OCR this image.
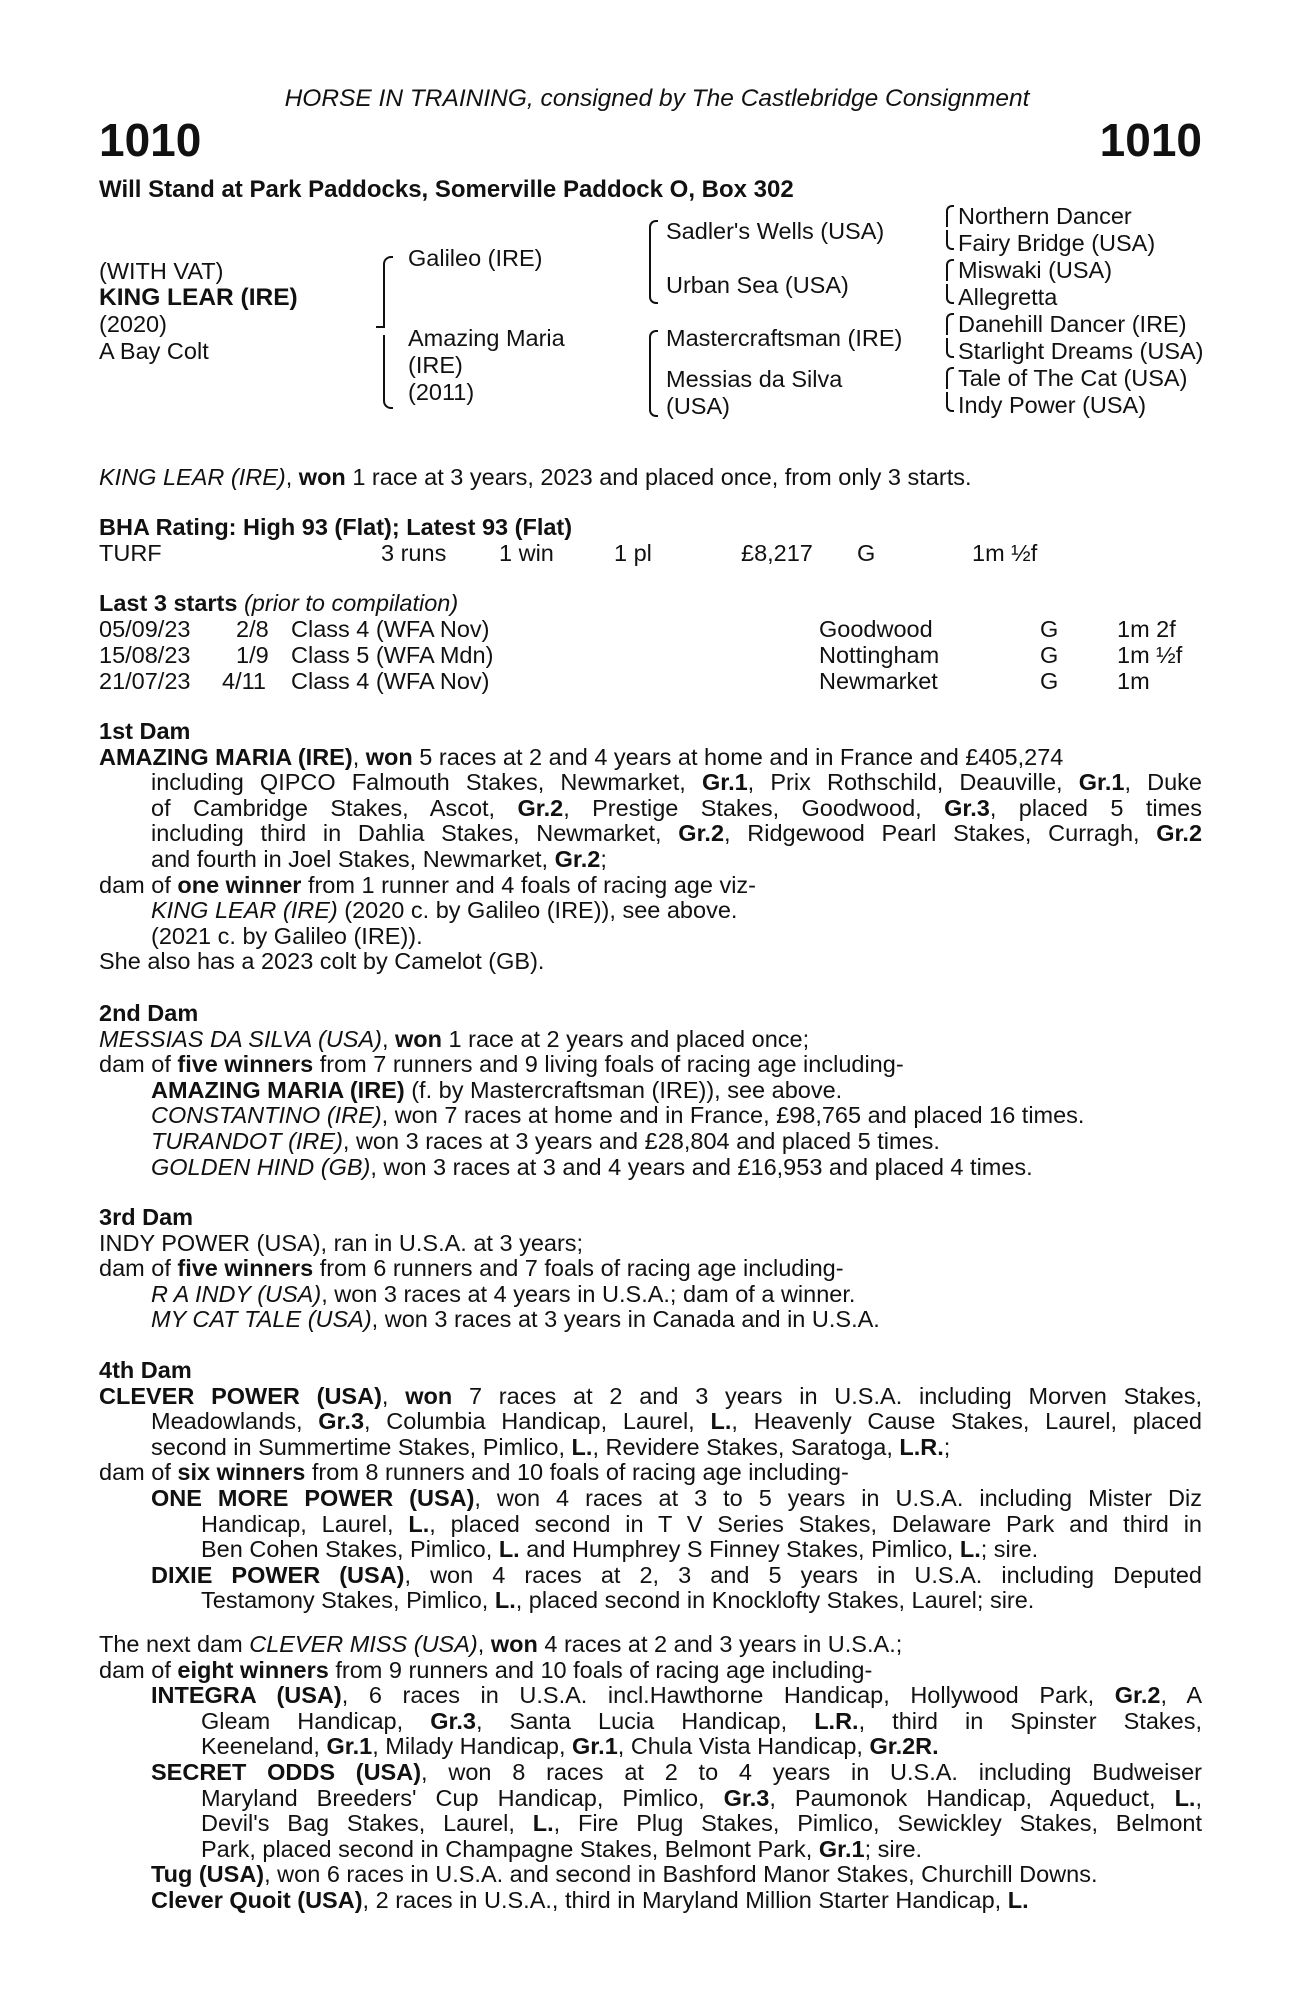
HORSE IN TRAINING, consigned by The Castlebridge Consignment
1010	1010
Will Stand at Park Paddocks, Somerville Paddock O, Box 302
(WITH VAT)
KING LEAR (IRE)
(2020)
A Bay Colt
Galileo (IRE)
Amazing Maria
(IRE)
(2011)
Sadler's Wells (USA)
Urban Sea (USA)
Mastercraftsman (IRE)
Messias da Silva
(USA)
Northern Dancer
Fairy Bridge (USA)
Miswaki (USA)
Allegretta
Danehill Dancer (IRE)
Starlight Dreams (USA)
Tale of The Cat (USA)
Indy Power (USA)
KING LEAR (IRE), won 1 race at 3 years, 2023 and placed once, from only 3 starts.
BHA Rating: High 93 (Flat); Latest 93 (Flat)
TURF	3 runs 1 win	1 pl	£8,217 G	1m ½f
Last 3 starts (prior to compilation)
05/09/23 2/8 Class 4 (WFA Nov)	Goodwood	G 1m 2f
15/08/23 1/9 Class 5 (WFA Mdn)	Nottingham	G 1m ½f
21/07/23 4/11 Class 4 (WFA Nov)	Newmarket	G 1m
1st Dam
AMAZING MARIA (IRE), won 5 races at 2 and 4 years at home and in France and £405,274
including QIPCO Falmouth Stakes, Newmarket, Gr.1, Prix Rothschild, Deauville, Gr.1, Duke
of Cambridge Stakes, Ascot, Gr.2, Prestige Stakes, Goodwood, Gr.3, placed 5 times
including third in Dahlia Stakes, Newmarket, Gr.2, Ridgewood Pearl Stakes, Curragh, Gr.2
and fourth in Joel Stakes, Newmarket, Gr.2;
dam of one winner from 1 runner and 4 foals of racing age viz-
KING LEAR (IRE) (2020 c. by Galileo (IRE)), see above.
(2021 c. by Galileo (IRE)).
She also has a 2023 colt by Camelot (GB).
2nd Dam
MESSIAS DA SILVA (USA), won 1 race at 2 years and placed once;
dam of five winners from 7 runners and 9 living foals of racing age including-
AMAZING MARIA (IRE) (f. by Mastercraftsman (IRE)), see above.
CONSTANTINO (IRE), won 7 races at home and in France, £98,765 and placed 16 times.
TURANDOT (IRE), won 3 races at 3 years and £28,804 and placed 5 times.
GOLDEN HIND (GB), won 3 races at 3 and 4 years and £16,953 and placed 4 times.
3rd Dam
INDY POWER (USA), ran in U.S.A. at 3 years;
dam of five winners from 6 runners and 7 foals of racing age including-
R A INDY (USA), won 3 races at 4 years in U.S.A.; dam of a winner.
MY CAT TALE (USA), won 3 races at 3 years in Canada and in U.S.A.
4th Dam
CLEVER POWER (USA), won 7 races at 2 and 3 years in U.S.A. including Morven Stakes,
Meadowlands, Gr.3, Columbia Handicap, Laurel, L., Heavenly Cause Stakes, Laurel, placed
second in Summertime Stakes, Pimlico, L., Revidere Stakes, Saratoga, L.R.;
dam of six winners from 8 runners and 10 foals of racing age including-
ONE MORE POWER (USA), won 4 races at 3 to 5 years in U.S.A. including Mister Diz
Handicap, Laurel, L., placed second in T V Series Stakes, Delaware Park and third in
Ben Cohen Stakes, Pimlico, L. and Humphrey S Finney Stakes, Pimlico, L.; sire.
DIXIE POWER (USA), won 4 races at 2, 3 and 5 years in U.S.A. including Deputed
Testamony Stakes, Pimlico, L., placed second in Knocklofty Stakes, Laurel; sire.
The next dam CLEVER MISS (USA), won 4 races at 2 and 3 years in U.S.A.;
dam of eight winners from 9 runners and 10 foals of racing age including-
INTEGRA (USA), 6 races in U.S.A. incl.Hawthorne Handicap, Hollywood Park, Gr.2, A
Gleam Handicap, Gr.3, Santa Lucia Handicap, L.R., third in Spinster Stakes,
Keeneland, Gr.1, Milady Handicap, Gr.1, Chula Vista Handicap, Gr.2R.
SECRET ODDS (USA), won 8 races at 2 to 4 years in U.S.A. including Budweiser
Maryland Breeders' Cup Handicap, Pimlico, Gr.3, Paumonok Handicap, Aqueduct, L.,
Devil's Bag Stakes, Laurel, L., Fire Plug Stakes, Pimlico, Sewickley Stakes, Belmont
Park, placed second in Champagne Stakes, Belmont Park, Gr.1; sire.
Tug (USA), won 6 races in U.S.A. and second in Bashford Manor Stakes, Churchill Downs.
Clever Quoit (USA), 2 races in U.S.A., third in Maryland Million Starter Handicap, L.
